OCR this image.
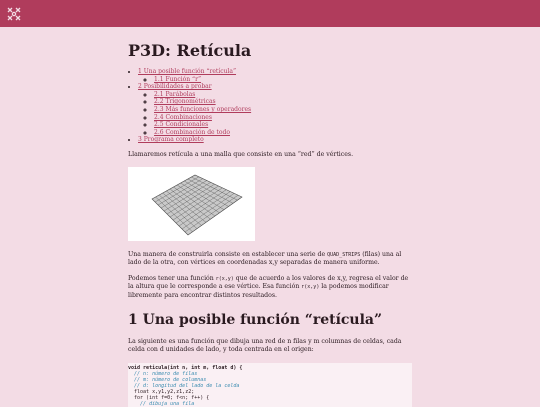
P3D: Retícula
• 1 Una posible función “retícula”
◦ 1.1 Función “r”
• 2 Posibilidades a probar
◦ 2.1 Parábolas
◦ 2.2 Trigonométricas
◦ 2.3 Más funciones y operadores
◦ 2.4 Combinaciones
◦ 2.5 Condicionales
◦ 2.6 Combinación de todo
• 3 Programa completo

Llamaremos retícula a una malla que consiste en una “red” de vértices.

Una manera de construirla consiste en establecer una serie de QUAD_STRIPS (filas) una al lado de la otra, con vértices en coordenadas x,y separadas de manera uniforme.

Podemos tener una función r(x,y) que de acuerdo a los valores de x,y, regresa el valor de la altura que le corresponde a ese vértice. Esa función r(x,y) la podemos modificar libremente para encontrar distintos resultados.

1 Una posible función “retícula”

La siguiente es una función que dibuja una red de n filas y m columnas de celdas, cada celda con d unidades de lado, y toda centrada en el origen:

void reticula(int n, int m, float d) {
// n: número de filas
// m: número de columnas
// d: longitud del lado de la celda
float x,y1,y2,z1,z2;
for (int f=0; f<n; f++) {
// dibuja una fila
